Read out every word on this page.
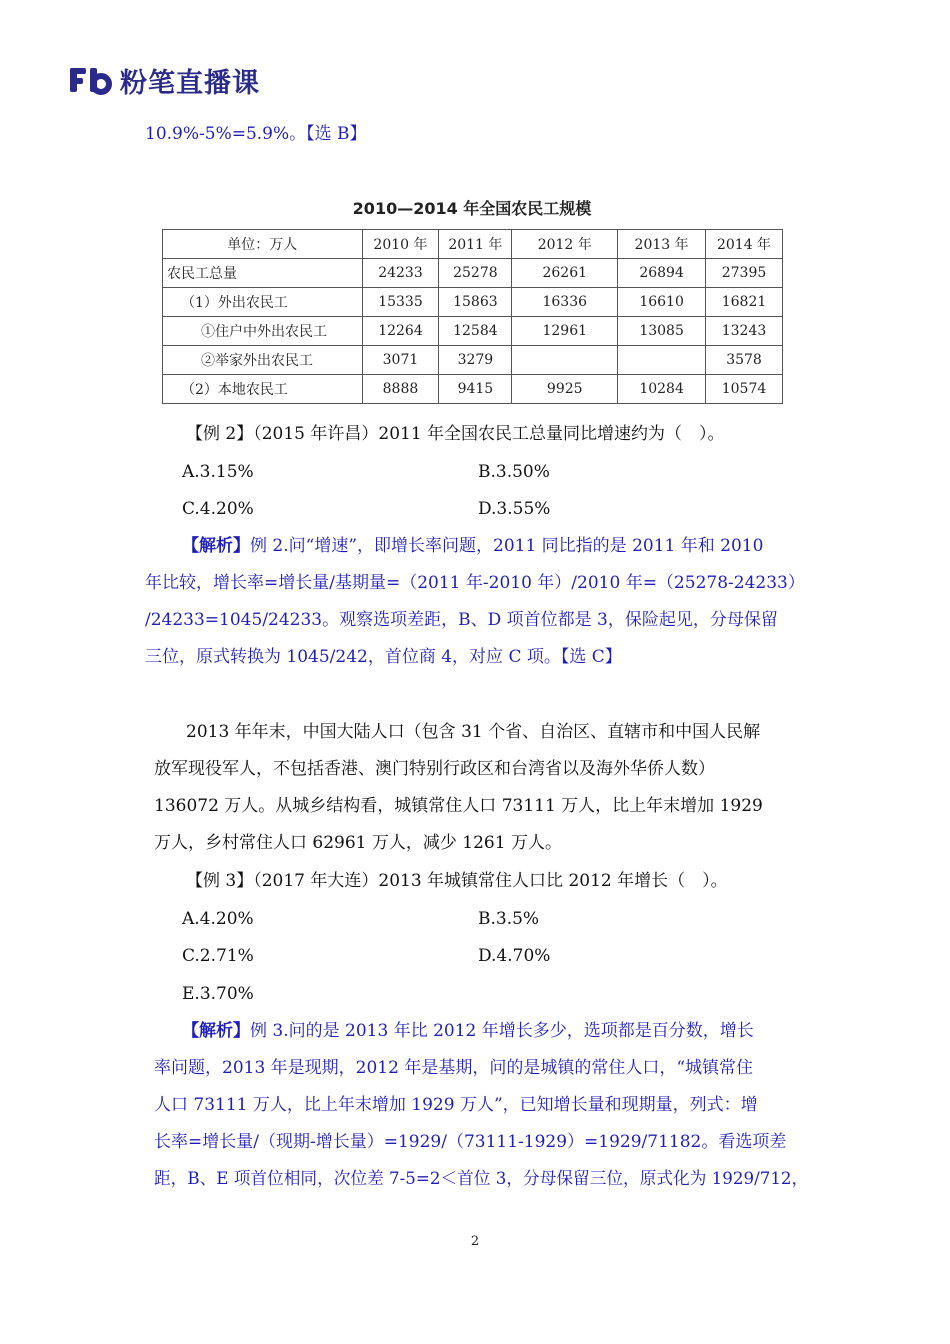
粉笔直播课
10.9%-5%=5.9%。【选 B】
2010—2014 年全国农民工规模
单位：万人	2010 年	2011 年	2012 年	2013 年	2014 年
农民工总量	24233	25278	26261	26894	27395
（1）外出农民工	15335	15863	16336	16610	16821
①住户中外出农民工	12264	12584	12961	13085	13243
②举家外出农民工	3071	3279			3578
（2）本地农民工	8888	9415	9925	10284	10574
【例 2】（2015 年许昌）2011 年全国农民工总量同比增速约为（　）。
A.3.15%	B.3.50%
C.4.20%	D.3.55%
【解析】例 2.问“增速”，即增长率问题，2011 同比指的是 2011 年和 2010
年比较，增长率=增长量/基期量=（2011 年-2010 年）/2010 年=（25278-24233）
/24233=1045/24233。观察选项差距，B、D 项首位都是 3，保险起见，分母保留
三位，原式转换为 1045/242，首位商 4，对应 C 项。【选 C】
2013 年年末，中国大陆人口（包含 31 个省、自治区、直辖市和中国人民解
放军现役军人，不包括香港、澳门特别行政区和台湾省以及海外华侨人数）
136072 万人。从城乡结构看，城镇常住人口 73111 万人，比上年末增加 1929
万人，乡村常住人口 62961 万人，减少 1261 万人。
【例 3】（2017 年大连）2013 年城镇常住人口比 2012 年增长（　）。
A.4.20%	B.3.5%
C.2.71%	D.4.70%
E.3.70%
【解析】例 3.问的是 2013 年比 2012 年增长多少，选项都是百分数，增长
率问题，2013 年是现期，2012 年是基期，问的是城镇的常住人口，“城镇常住
人口 73111 万人，比上年末增加 1929 万人”，已知增长量和现期量，列式：增
长率=增长量/（现期-增长量）=1929/（73111-1929）=1929/71182。看选项差
距，B、E 项首位相同，次位差 7-5=2＜首位 3，分母保留三位，原式化为 1929/712，
2
